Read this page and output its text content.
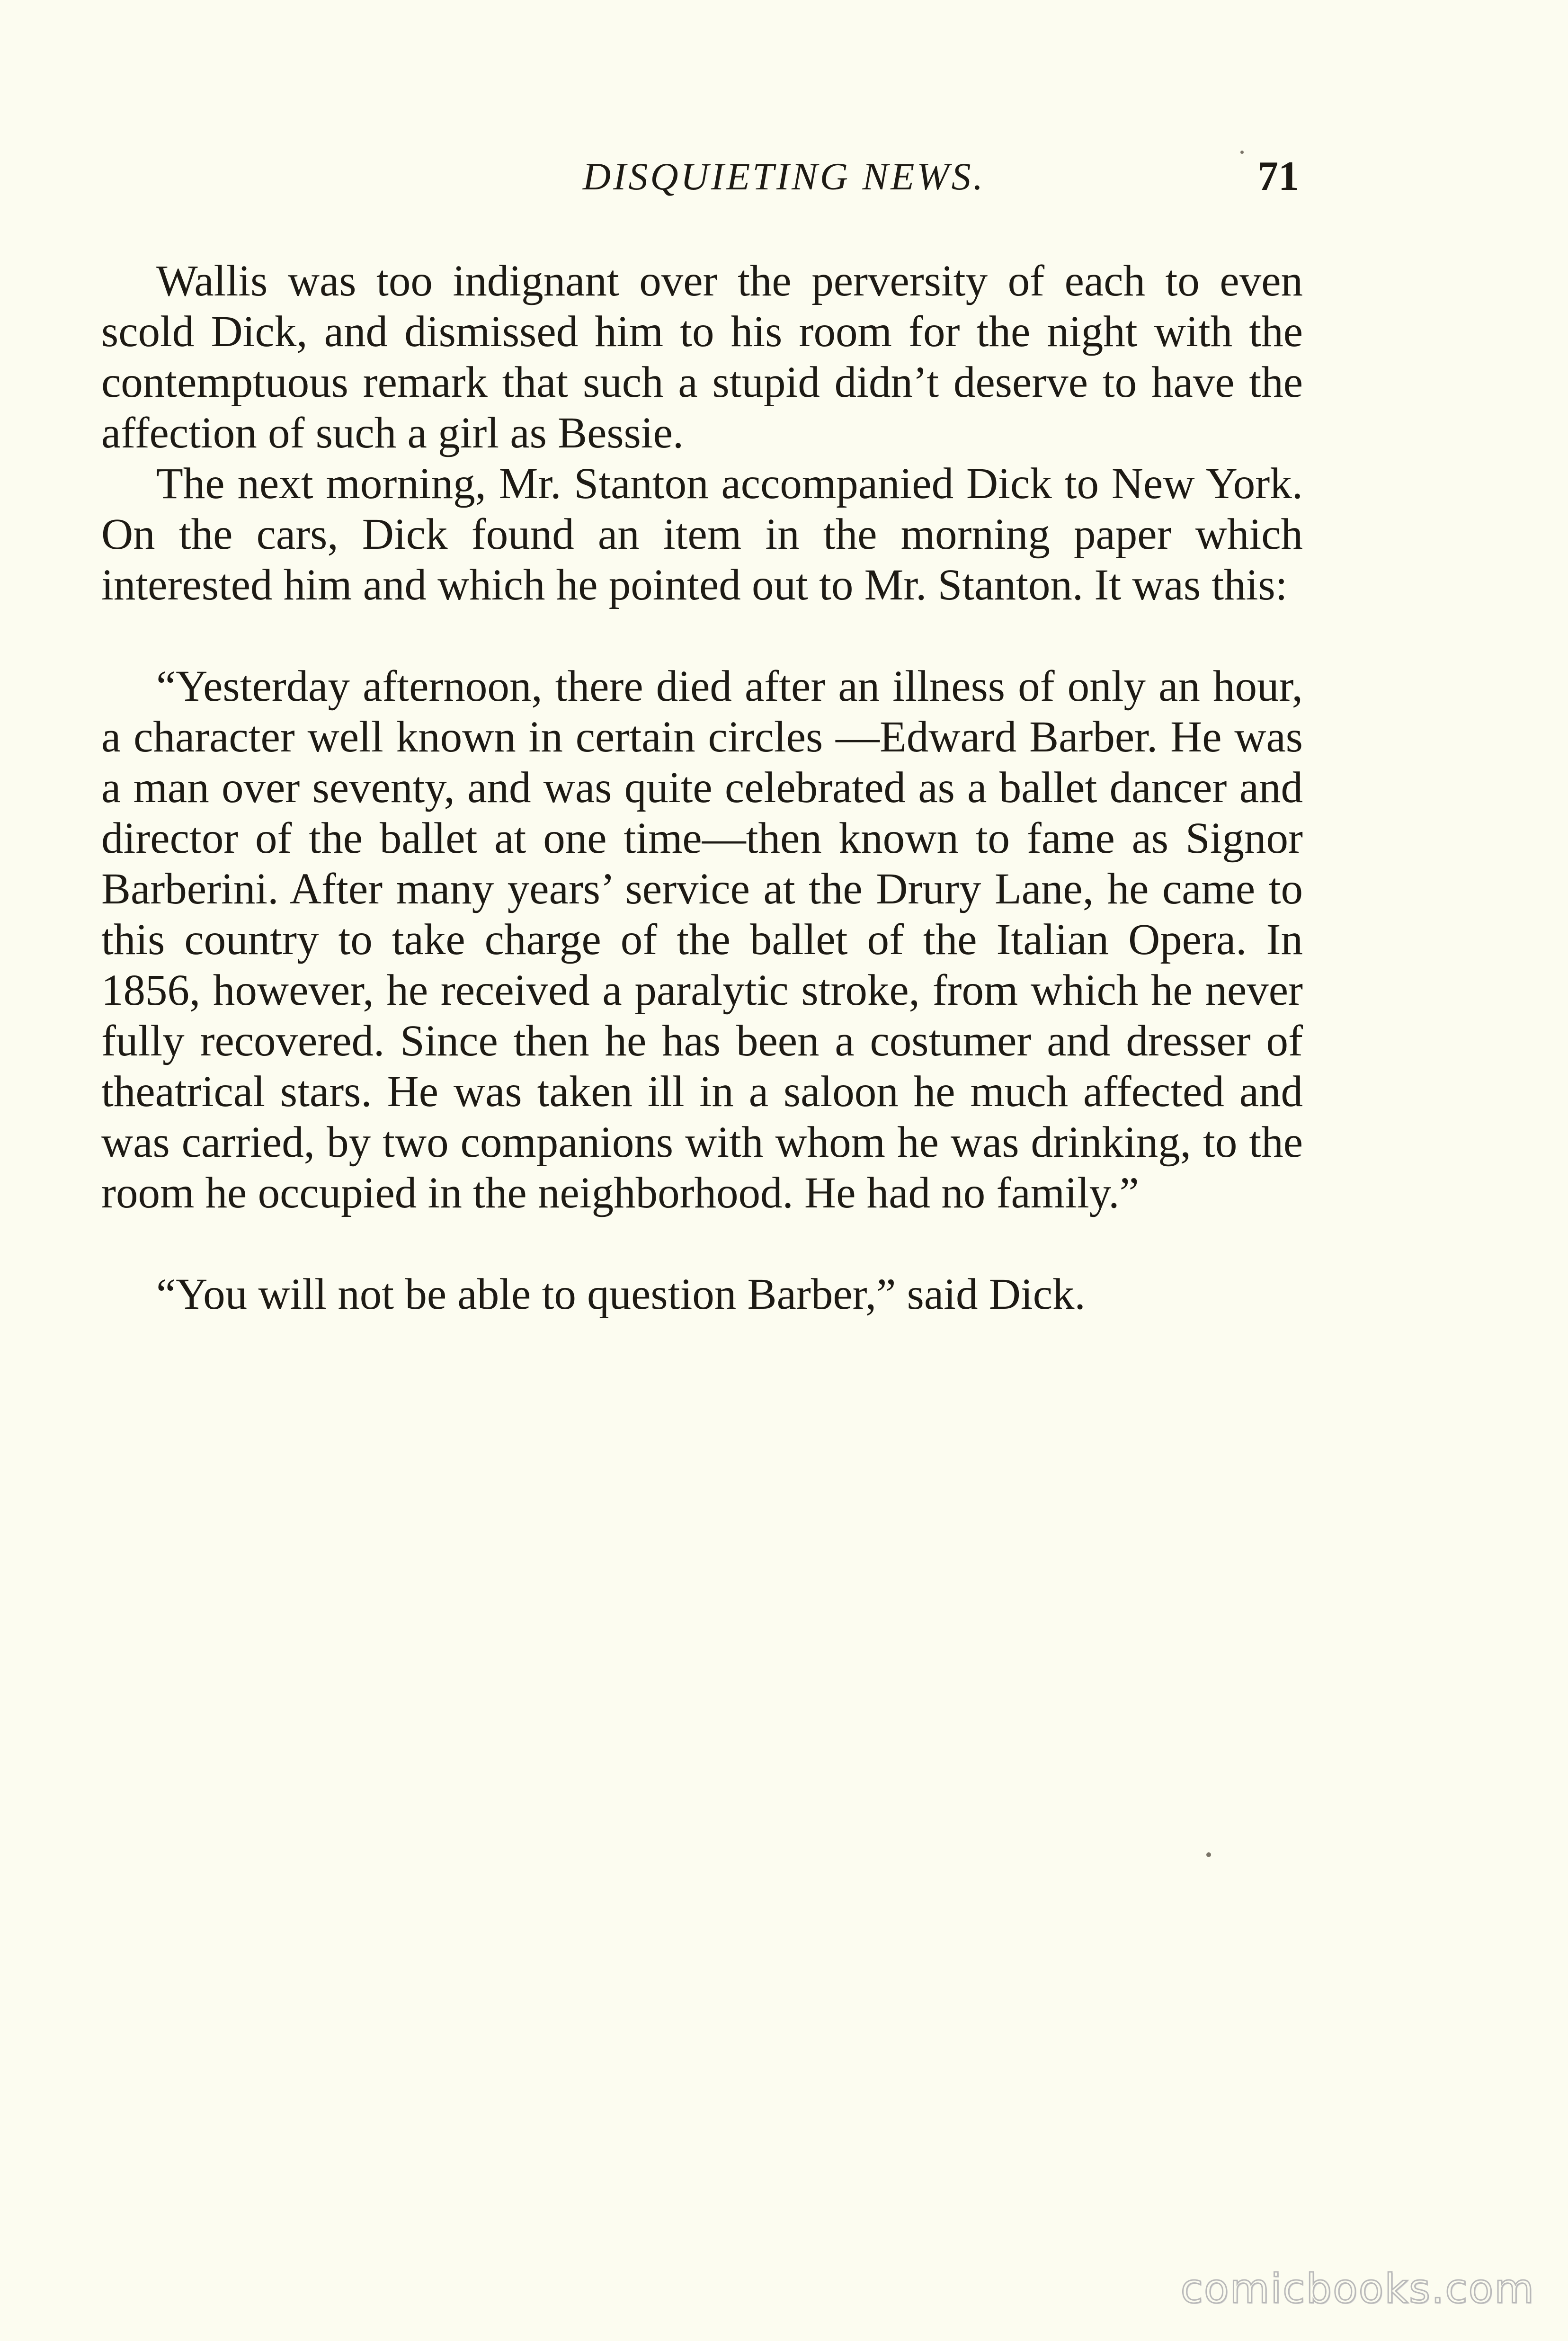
DISQUIETING NEWS.	71

Wallis was too indignant over the perversity of each to even scold Dick, and dismissed him to his room for the night with the contemptuous remark that such a stupid didn’t deserve to have the affection of such a girl as Bessie.

The next morning, Mr. Stanton accompanied Dick to New York. On the cars, Dick found an item in the morning paper which interested him and which he pointed out to Mr. Stanton. It was this:

“Yesterday afternoon, there died after an illness of only an hour, a character well known in certain circles —Edward Barber. He was a man over seventy, and was quite celebrated as a ballet dancer and director of the ballet at one time—then known to fame as Signor Barberini. After many years’ service at the Drury Lane, he came to this country to take charge of the ballet of the Italian Opera. In 1856, however, he received a paralytic stroke, from which he never fully recovered. Since then he has been a costumer and dresser of theatrical stars. He was taken ill in a saloon he much affected and was carried, by two companions with whom he was drinking, to the room he occupied in the neighborhood. He had no family.”

“You will not be able to question Barber,” said Dick.

comicbooks.com
